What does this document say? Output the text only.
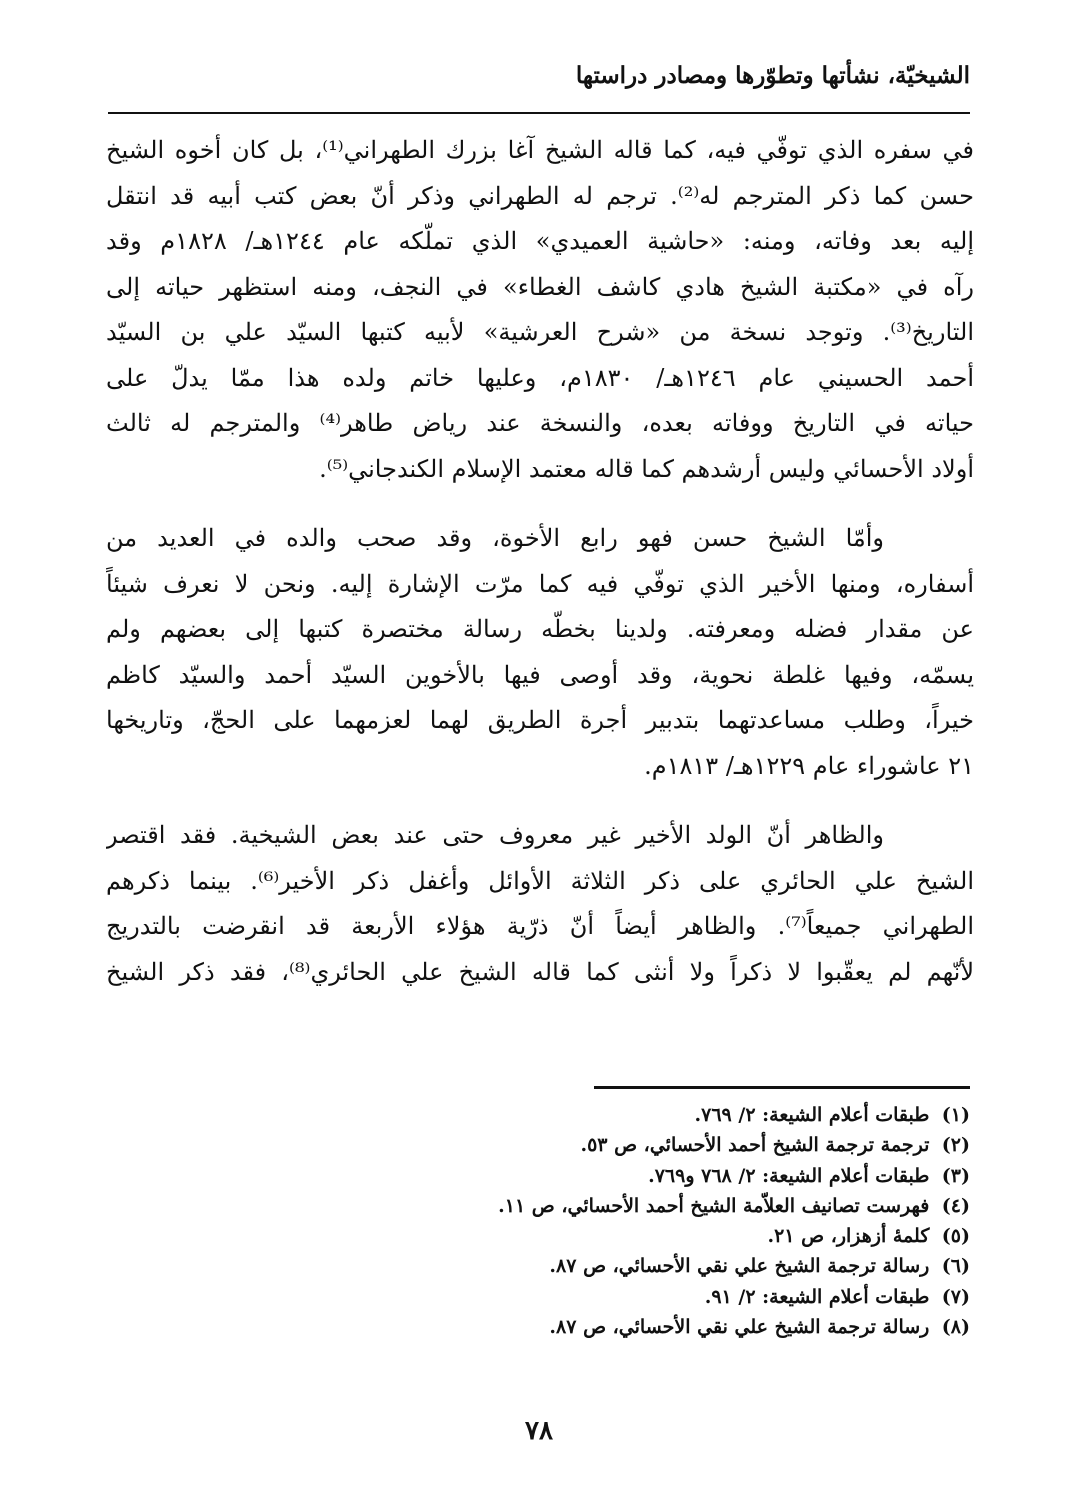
الشيخيّة، نشأتها وتطوّرها ومصادر دراستها

في سفره الذي توفّي فيه، كما قاله الشيخ آغا بزرك الطهراني⁽¹⁾، بل كان أخوه الشيخ
حسن كما ذكر المترجم له⁽²⁾. ترجم له الطهراني وذكر أنّ بعض كتب أبيه قد انتقل
إليه بعد وفاته، ومنه: «حاشية العميدي» الذي تملّكه عام ١٢٤٤هـ/ ١٨٢٨م وقد
رآه في «مكتبة الشيخ هادي كاشف الغطاء» في النجف، ومنه استظهر حياته إلى
التاريخ⁽³⁾. وتوجد نسخة من «شرح العرشية» لأبيه كتبها السيّد علي بن السيّد
أحمد الحسيني عام ١٢٤٦هـ/ ١٨٣٠م، وعليها خاتم ولده هذا ممّا يدلّ على
حياته في التاريخ ووفاته بعده، والنسخة عند رياض طاهر⁽⁴⁾ والمترجم له ثالث
أولاد الأحسائي وليس أرشدهم كما قاله معتمد الإسلام الكندجاني⁽⁵⁾.

وأمّا الشيخ حسن فهو رابع الأخوة، وقد صحب والده في العديد من
أسفاره، ومنها الأخير الذي توفّي فيه كما مرّت الإشارة إليه. ونحن لا نعرف شيئاً
عن مقدار فضله ومعرفته. ولدينا بخطّه رسالة مختصرة كتبها إلى بعضهم ولم
يسمّه، وفيها غلطة نحوية، وقد أوصى فيها بالأخوين السيّد أحمد والسيّد كاظم
خيراً، وطلب مساعدتهما بتدبير أجرة الطريق لهما لعزمهما على الحجّ، وتاريخها
٢١ عاشوراء عام ١٢٢٩هـ/ ١٨١٣م.

والظاهر أنّ الولد الأخير غير معروف حتى عند بعض الشيخية. فقد اقتصر
الشيخ علي الحائري على ذكر الثلاثة الأوائل وأغفل ذكر الأخير⁽⁶⁾. بينما ذكرهم
الطهراني جميعاً⁽⁷⁾. والظاهر أيضاً أنّ ذرّية هؤلاء الأربعة قد انقرضت بالتدريج
لأنّهم لم يعقّبوا لا ذكراً ولا أنثى كما قاله الشيخ علي الحائري⁽⁸⁾، فقد ذكر الشيخ

(١) طبقات أعلام الشيعة: ٢/ ٧٦٩.
(٢) ترجمة ترجمة الشيخ أحمد الأحسائي، ص ٥٣.
(٣) طبقات أعلام الشيعة: ٢/ ٧٦٨ و٧٦٩.
(٤) فهرست تصانيف العلاّمة الشيخ أحمد الأحسائي، ص ١١.
(٥) كلمهٔ أزهزار، ص ٢١.
(٦) رسالة ترجمة الشيخ علي نقي الأحسائي، ص ٨٧.
(٧) طبقات أعلام الشيعة: ٢/ ٩١.
(٨) رسالة ترجمة الشيخ علي نقي الأحسائي، ص ٨٧.
٧٨
